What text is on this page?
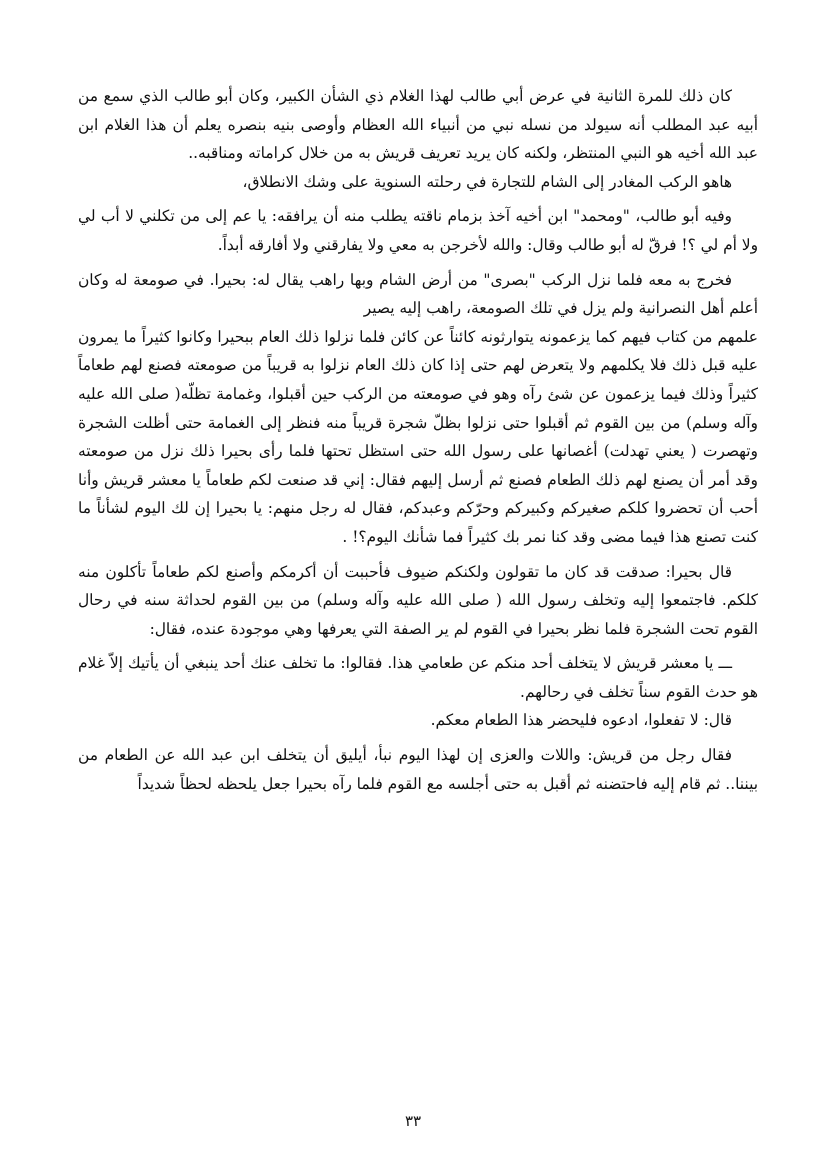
كان ذلك للمرة الثانية في عرض أبي طالب لهذا الغلام ذي الشأن الكبير، وكان أبو طالب الذي سمع من أبيه عبد المطلب أنه سيولد من نسله نبي من أنبياء الله العظام وأوصى بنيه بنصره يعلم أن هذا الغلام ابن عبد الله أخيه هو النبي المنتظر، ولكنه كان يريد تعريف قريش به من خلال كراماته ومناقبه..

هاهو الركب المغادر إلى الشام للتجارة في رحلته السنوية على وشك الانطلاق،

وفيه أبو طالب، "ومحمد" ابن أخيه آخذ بزمام ناقته يطلب منه أن يرافقه: يا عم إلى من تكلني لا أب لي ولا أم لي ؟! فرقّ له أبو طالب وقال: والله لأخرجن به معي ولا يفارقني ولا أفارقه أبداً.

فخرج به معه فلما نزل الركب "بصرى" من أرض الشام وبها راهب يقال له: بحيرا. في صومعة له وكان أعلم أهل النصرانية ولم يزل في تلك الصومعة، راهب إليه يصير

علمهم من كتاب فيهم كما يزعمونه يتوارثونه كائناً عن كائن فلما نزلوا ذلك العام ببحيرا وكانوا كثيراً ما يمرون عليه قبل ذلك فلا يكلمهم ولا يتعرض لهم حتى إذا كان ذلك العام نزلوا به قريباً من صومعته فصنع لهم طعاماً كثيراً وذلك فيما يزعمون عن شئ رآه وهو في صومعته من الركب حين أقبلوا، وغمامة تظلّه( صلى الله عليه وآله وسلم) من بين القوم ثم أقبلوا حتى نزلوا بظلّ شجرة قريباً منه فنظر إلى الغمامة حتى أظلت الشجرة وتهصرت ( يعني تهدلت) أغصانها على رسول الله حتى استظل تحتها فلما رأى بحيرا ذلك نزل من صومعته وقد أمر أن يصنع لهم ذلك الطعام فصنع ثم أرسل إليهم فقال: إني قد صنعت لكم طعاماً يا معشر قريش وأنا أحب أن تحضروا كلكم صغيركم وكبيركم وحرّكم وعبدكم، فقال له رجل منهم: يا بحيرا إن لك اليوم لشأناً ما كنت تصنع هذا فيما مضى وقد كنا نمر بك كثيراً فما شأنك اليوم؟! .

قال بحيرا: صدقت قد كان ما تقولون ولكنكم ضيوف فأحببت أن أكرمكم وأصنع لكم طعاماً تأكلون منه كلكم. فاجتمعوا إليه وتخلف رسول الله ( صلى الله عليه وآله وسلم) من بين القوم لحداثة سنه في رحال القوم تحت الشجرة فلما نظر بحيرا في القوم لم ير الصفة التي يعرفها وهي موجودة عنده، فقال:

ـــ يا معشر قريش لا يتخلف أحد منكم عن طعامي هذا. فقالوا: ما تخلف عنك أحد ينبغي أن يأتيك إلاّ غلام هو حدث القوم سناً تخلف في رحالهم.

قال: لا تفعلوا، ادعوه فليحضر هذا الطعام معكم.

فقال رجل من قريش: واللات والعزى إن لهذا اليوم نبأ، أيليق أن يتخلف ابن عبد الله عن الطعام من بيننا.. ثم قام إليه فاحتضنه ثم أقبل به حتى أجلسه مع القوم فلما رآه بحيرا جعل يلحظه لحظاً شديداً

٣٣
